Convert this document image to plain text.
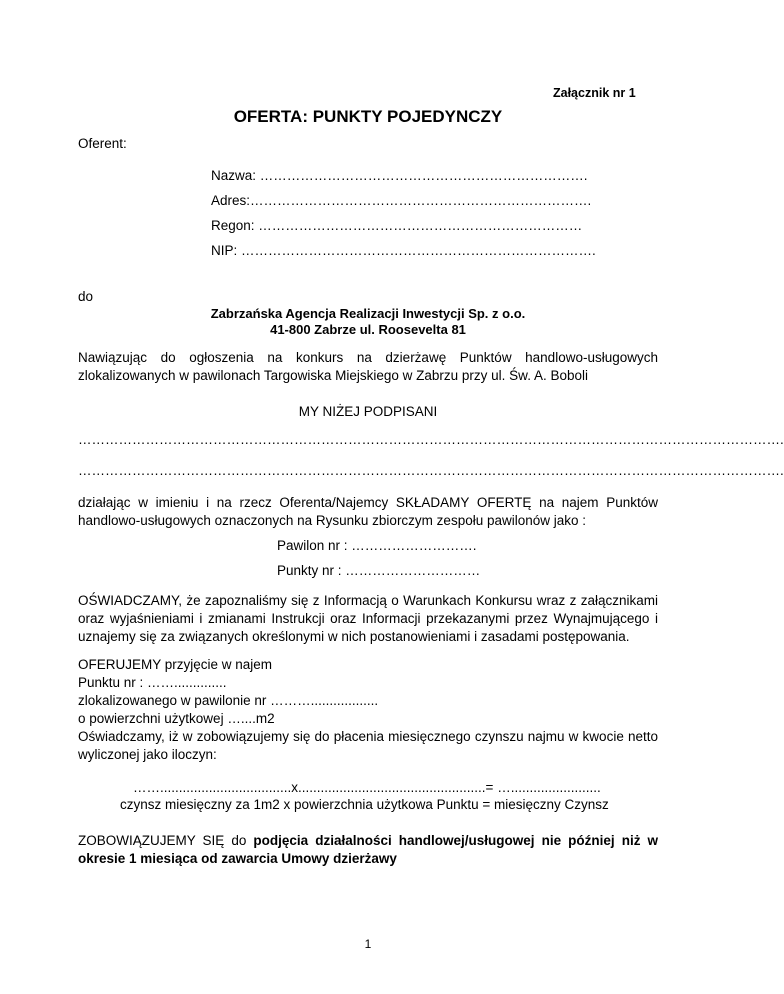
Załącznik nr 1
OFERTA: PUNKTY POJEDYNCZY
Oferent:
Nazwa: ……………………………………………………………….
Adres:………………………………………………………………….
Regon: ………………………………………………………………
NIP: …………………………………………………………………….
do
Zabrzańska Agencja Realizacji Inwestycji Sp. z o.o.
41-800 Zabrze ul. Roosevelta 81
Nawiązując do ogłoszenia na konkurs na dzierżawę Punktów handlowo-usługowych zlokalizowanych w pawilonach Targowiska Miejskiego w Zabrzu przy ul. Św. A. Boboli
MY NIŻEJ PODPISANI
………………………………………………………………………………………………………………………………………….
………………………………………………………………………………………………………………………………………….
działając w imieniu i na rzecz Oferenta/Najemcy SKŁADAMY OFERTĘ na najem Punktów handlowo-usługowych oznaczonych na Rysunku zbiorczym zespołu pawilonów jako :
Pawilon nr : ……………………….
Punkty nr : …………………………
OŚWIADCZAMY, że zapoznaliśmy się z Informacją o Warunkach Konkursu wraz z załącznikami oraz wyjaśnieniami i zmianami Instrukcji oraz Informacji przekazanymi przez Wynajmującego i uznajemy się za związanych określonymi w nich postanowieniami i zasadami postępowania.
OFERUJEMY przyjęcie w najem
Punktu nr : ……..............
zlokalizowanego w pawilonie nr ………..................
o powierzchni użytkowej …....m2
Oświadczamy, iż w zobowiązujemy się do płacenia miesięcznego czynszu najmu w kwocie netto wyliczonej jako iloczyn:
……...................................x..................................................= …........................
czynsz miesięczny za 1m2 x powierzchnia użytkowa Punktu = miesięczny Czynsz
ZOBOWIĄZUJEMY SIĘ do podjęcia działalności handlowej/usługowej nie później niż w okresie 1 miesiąca od zawarcia Umowy dzierżawy
1
